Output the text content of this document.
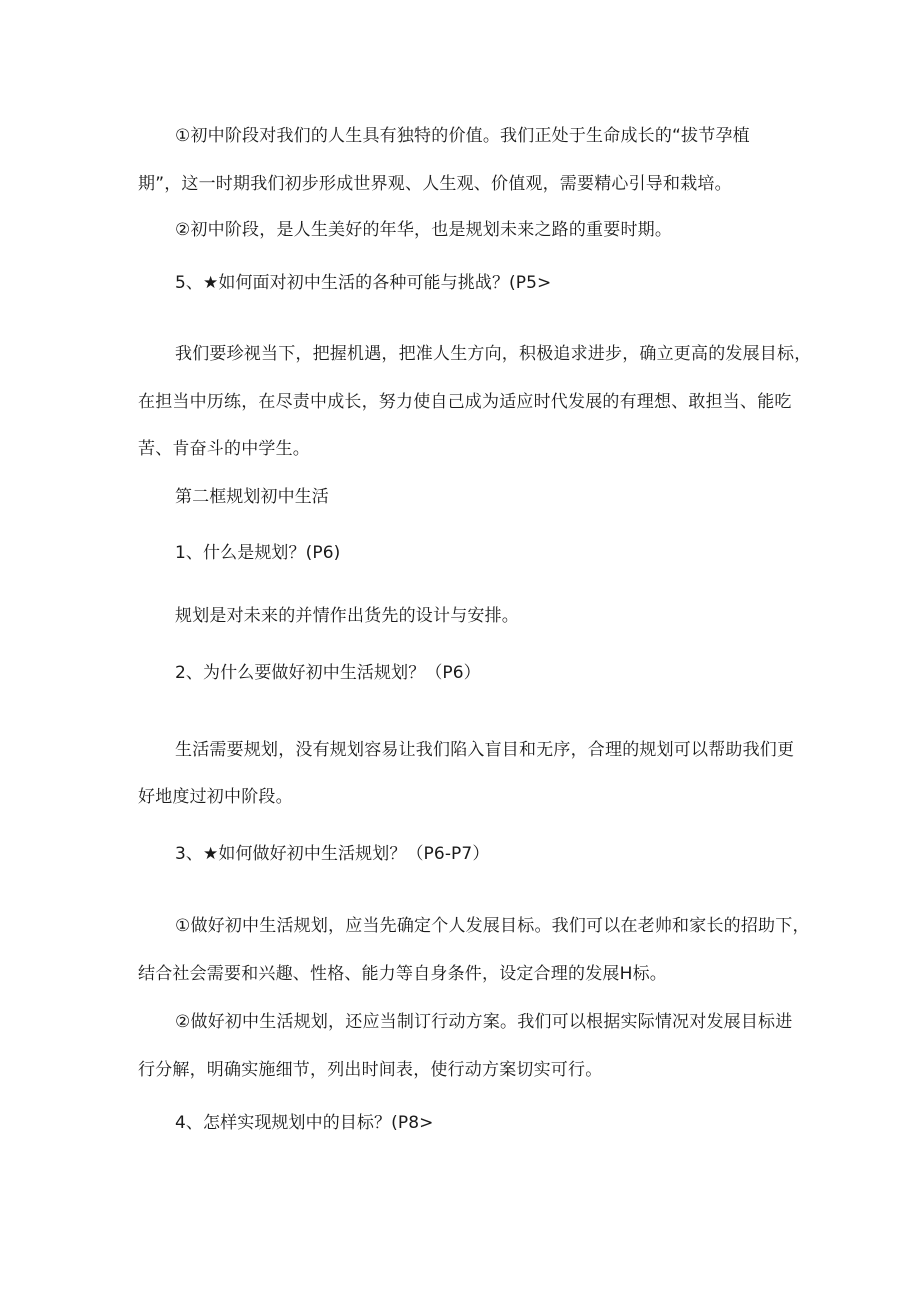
①初中阶段对我们的人生具有独特的价值。我们正处于生命成长的“拔节孕植
期”，这一时期我们初步形成世界观、人生观、价值观，需要精心引导和栽培。
②初中阶段，是人生美好的年华，也是规划未来之路的重要时期。
5、★如何面对初中生活的各种可能与挑战？(P5>
我们要珍视当下，把握机遇，把准人生方向，积极追求进步，确立更高的发展目标，
在担当中历练，在尽责中成长，努力使自己成为适应时代发展的有理想、敢担当、能吃
苦、肯奋斗的中学生。
第二框规划初中生活
1、什么是规划？(P6)
规划是对未来的并情作出货先的设计与安排。
2、为什么要做好初中生活规划？（P6）
生活需要规划，没有规划容易让我们陷入盲目和无序，合理的规划可以帮助我们更
好地度过初中阶段。
3、★如何做好初中生活规划？（P6-P7）
①做好初中生活规划，应当先确定个人发展目标。我们可以在老帅和家长的招助下，
结合社会需要和兴趣、性格、能力等自身条件，设定合理的发展H标。
②做好初中生活规划，还应当制订行动方案。我们可以根据实际情况对发展目标进
行分解，明确实施细节，列出时间表，使行动方案切实可行。
4、怎样实现规划中的目标？(P8>
